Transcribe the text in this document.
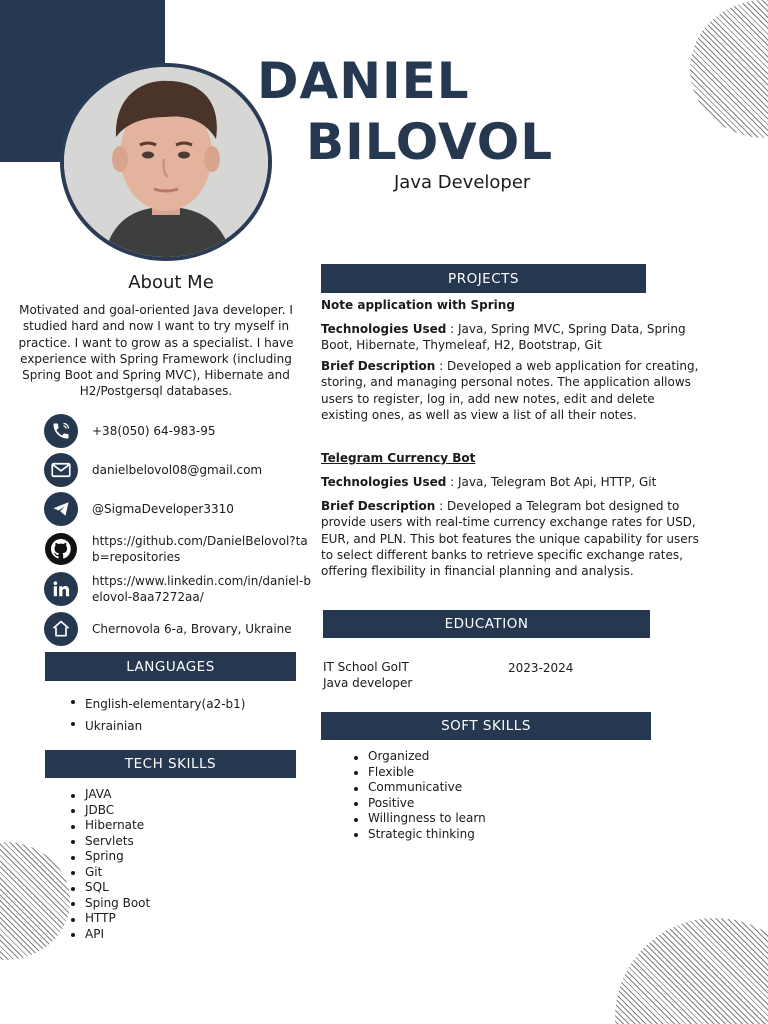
DANIEL
BILOVOL
Java Developer
About Me
Motivated and goal-oriented Java developer. I studied hard and now I want to try myself in practice. I want to grow as a specialist. I have experience with Spring Framework (including Spring Boot and Spring MVC), Hibernate and H2/Postgersql databases.
+38(050) 64-983-95
danielbelovol08@gmail.com
@SigmaDeveloper3310
https://github.com/DanielBelovol?tab=repositories
https://www.linkedin.com/in/daniel-belovol-8aa7272aa/
Chernovola 6-a, Brovary, Ukraine
LANGUAGES
English-elementary(a2-b1)
Ukrainian
TECH SKILLS
JAVA
JDBC
Hibernate
Servlets
Spring
Git
SQL
Sping Boot
HTTP
API
PROJECTS
Note application with Spring
Technologies Used : Java, Spring MVC, Spring Data, Spring Boot, Hibernate, Thymeleaf, H2, Bootstrap, Git
Brief Description : Developed a web application for creating, storing, and managing personal notes. The application allows users to register, log in, add new notes, edit and delete existing ones, as well as view a list of all their notes.
Telegram Currency Bot
Technologies Used : Java, Telegram Bot Api, HTTP, Git
Brief Description : Developed a Telegram bot designed to provide users with real-time currency exchange rates for USD, EUR, and PLN. This bot features the unique capability for users to select different banks to retrieve specific exchange rates, offering flexibility in financial planning and analysis.
EDUCATION
IT School GoIT
Java developer
2023-2024
SOFT SKILLS
Organized
Flexible
Communicative
Positive
Willingness to learn
Strategic thinking
